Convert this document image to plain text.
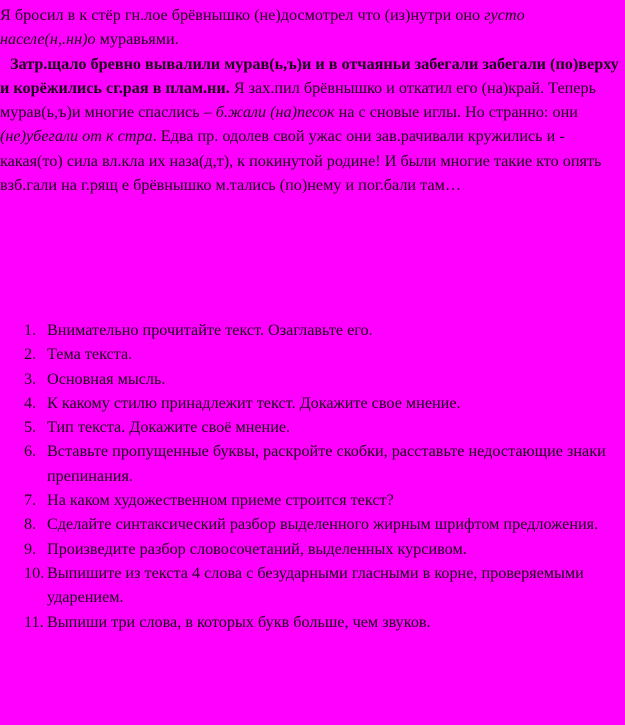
Я бросил в к стёр гн.лое брёвнышко (не)досмотрел что (из)нутри оно густо населе(н,.нн)о муравьями.
Затр.щало бревно вывалили мурав(ь,ъ)и и в отчаяньи забегали забегали (по)верху и корёжились сг.рая в плам.ни. Я зах.пил брёвнышко и откатил его (на)край. Теперь мурав(ь,ъ)и многие спаслись – б.жали (на)песок на с сновые иглы. Но странно: они (не)убегали от к стра. Едва пр. одолев свой ужас они зав.рачивали кружились и - какая(то) сила вл.кла их наза(д,т), к покинутой родине! И были многие такие кто опять взб.гали на г.рящ е брёвнышко м.тались (по)нему и пог.бали там…

1. Внимательно прочитайте текст. Озаглавьте его.
2. Тема текста.
3. Основная мысль.
4. К какому стилю принадлежит текст. Докажите свое мнение.
5. Тип текста. Докажите своё мнение.
6. Вставьте пропущенные буквы, раскройте скобки, расставьте недостающие знаки препинания.
7. На каком художественном приеме строится текст?
8. Сделайте синтаксический разбор выделенного жирным шрифтом предложения.
9. Произведите разбор словосочетаний, выделенных курсивом.
10. Выпишите из текста 4 слова с безударными гласными в корне, проверяемыми ударением.
11. Выпиши три слова, в которых букв больше, чем звуков.
